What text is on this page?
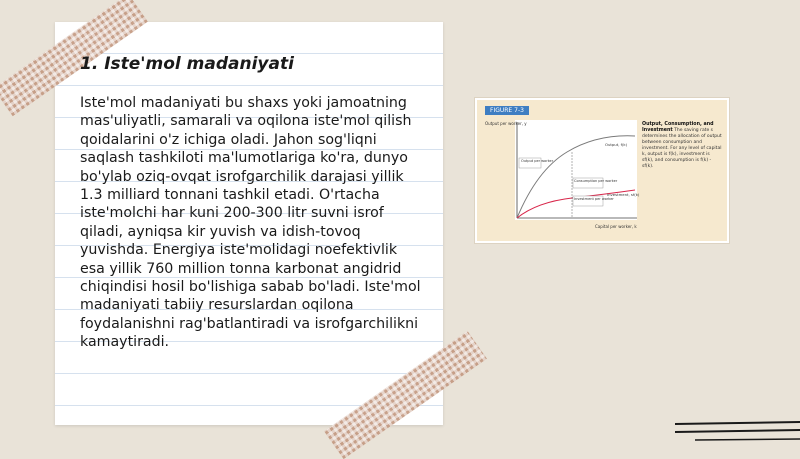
1. Iste'mol madaniyati

Iste'mol madaniyati bu shaxs yoki jamoatning mas'uliyatli, samarali va oqilona iste'mol qilish qoidalarini o'z ichiga oladi. Jahon sog'liqni saqlash tashkiloti ma'lumotlariga ko'ra, dunyo bo'ylab oziq-ovqat isrofgarchilik darajasi yillik 1.3 milliard tonnani tashkil etadi. O'rtacha iste'molchi har kuni 200-300 litr suvni isrof qiladi, ayniqsa kir yuvish va idish-tovoq yuvishda. Energiya iste'molidagi noefektivlik esa yillik 760 million tonna karbonat angidrid chiqindisi hosil bo'lishiga sabab bo'ladi. Iste'mol madaniyati tabiiy resurslardan oqilona foydalanishni rag'batlantiradi va isrofgarchilikni kamaytiradi.

FIGURE 7-3
Output per worker
Consumption per worker
Investment per worker
Output per worker, y
Capital per worker, k
Output, f(k)
Investment, sf(k)
Output, Consumption, and Investment The saving rate s determines the allocation of output between consumption and investment. For any level of capital k, output is f(k), investment is sf(k), and consumption is f(k) - sf(k).
